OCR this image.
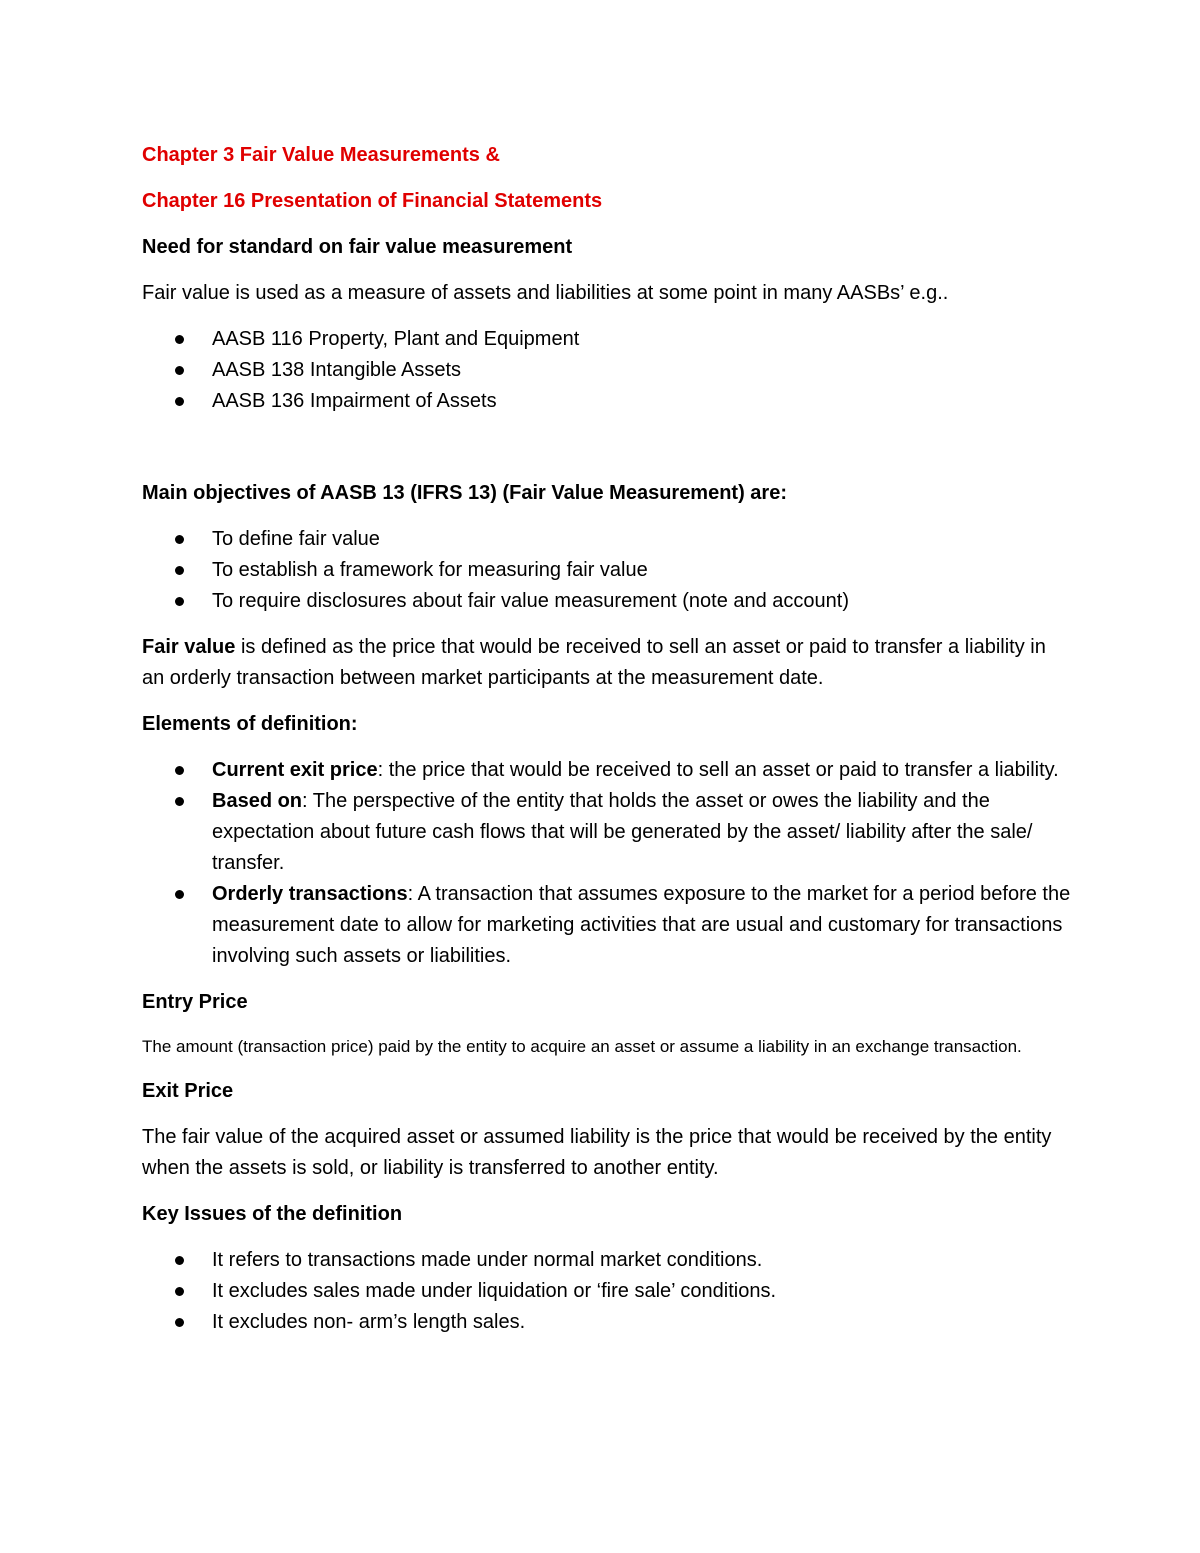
Chapter 3 Fair Value Measurements &

Chapter 16 Presentation of Financial Statements

Need for standard on fair value measurement

Fair value is used as a measure of assets and liabilities at some point in many AASBs’ e.g..

AASB 116 Property, Plant and Equipment
AASB 138 Intangible Assets
AASB 136 Impairment of Assets

Main objectives of AASB 13 (IFRS 13) (Fair Value Measurement) are:

To define fair value
To establish a framework for measuring fair value
To require disclosures about fair value measurement (note and account)

Fair value is defined as the price that would be received to sell an asset or paid to transfer a liability in an orderly transaction between market participants at the measurement date.

Elements of definition:

Current exit price: the price that would be received to sell an asset or paid to transfer a liability.
Based on: The perspective of the entity that holds the asset or owes the liability and the expectation about future cash flows that will be generated by the asset/ liability after the sale/ transfer.
Orderly transactions: A transaction that assumes exposure to the market for a period before the measurement date to allow for marketing activities that are usual and customary for transactions involving such assets or liabilities.

Entry Price

The amount (transaction price) paid by the entity to acquire an asset or assume a liability in an exchange transaction.

Exit Price

The fair value of the acquired asset or assumed liability is the price that would be received by the entity when the assets is sold, or liability is transferred to another entity.

Key Issues of the definition

It refers to transactions made under normal market conditions.
It excludes sales made under liquidation or ‘fire sale’ conditions.
It excludes non- arm’s length sales.
